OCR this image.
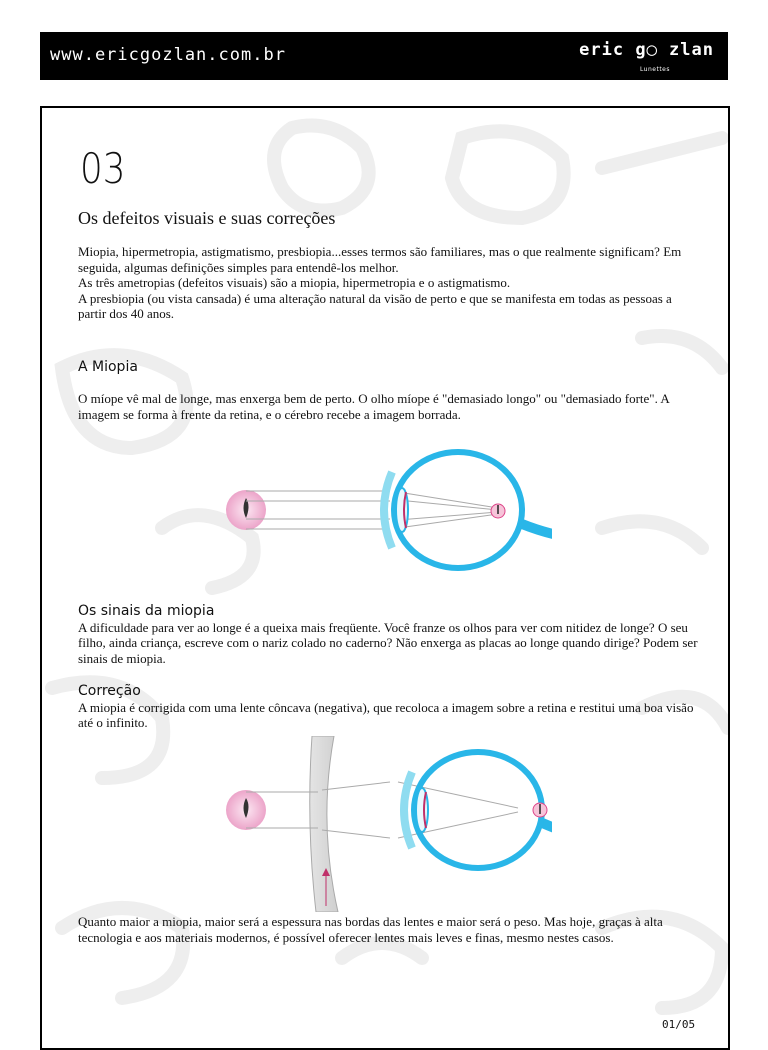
www.ericgozlan.com.br	eric g◯ zlan
Lunettes
03
Os defeitos visuais e suas correções

Miopia, hipermetropia, astigmatismo, presbiopia...esses termos são familiares, mas o que realmente significam? Em seguida, algumas definições simples para entendê-los melhor.

As três ametropias (defeitos visuais) são a miopia, hipermetropia e o astigmatismo.

A presbiopia (ou vista cansada) é uma alteração natural da visão de perto e que se manifesta em todas as pessoas a partir dos 40 anos.

A Miopia

O míope vê mal de longe, mas enxerga bem de perto. O olho míope é "demasiado longo" ou "demasiado forte". A imagem se forma à frente da retina, e o cérebro recebe a imagem borrada.

Os sinais da miopia

A dificuldade para ver ao longe é a queixa mais freqüente. Você franze os olhos para ver com nitidez de longe? O seu filho, ainda criança, escreve com o nariz colado no caderno? Não enxerga as placas ao longe quando dirige? Podem ser sinais de miopia.

Correção

A miopia é corrigida com uma lente côncava (negativa), que recoloca a imagem sobre a retina e restitui uma boa visão até o infinito.

Quanto maior a miopia, maior será a espessura nas bordas das lentes e maior será o peso. Mas hoje, graças à alta tecnologia e aos materiais modernos, é possível oferecer lentes mais leves e finas, mesmo nestes casos.

01/05
